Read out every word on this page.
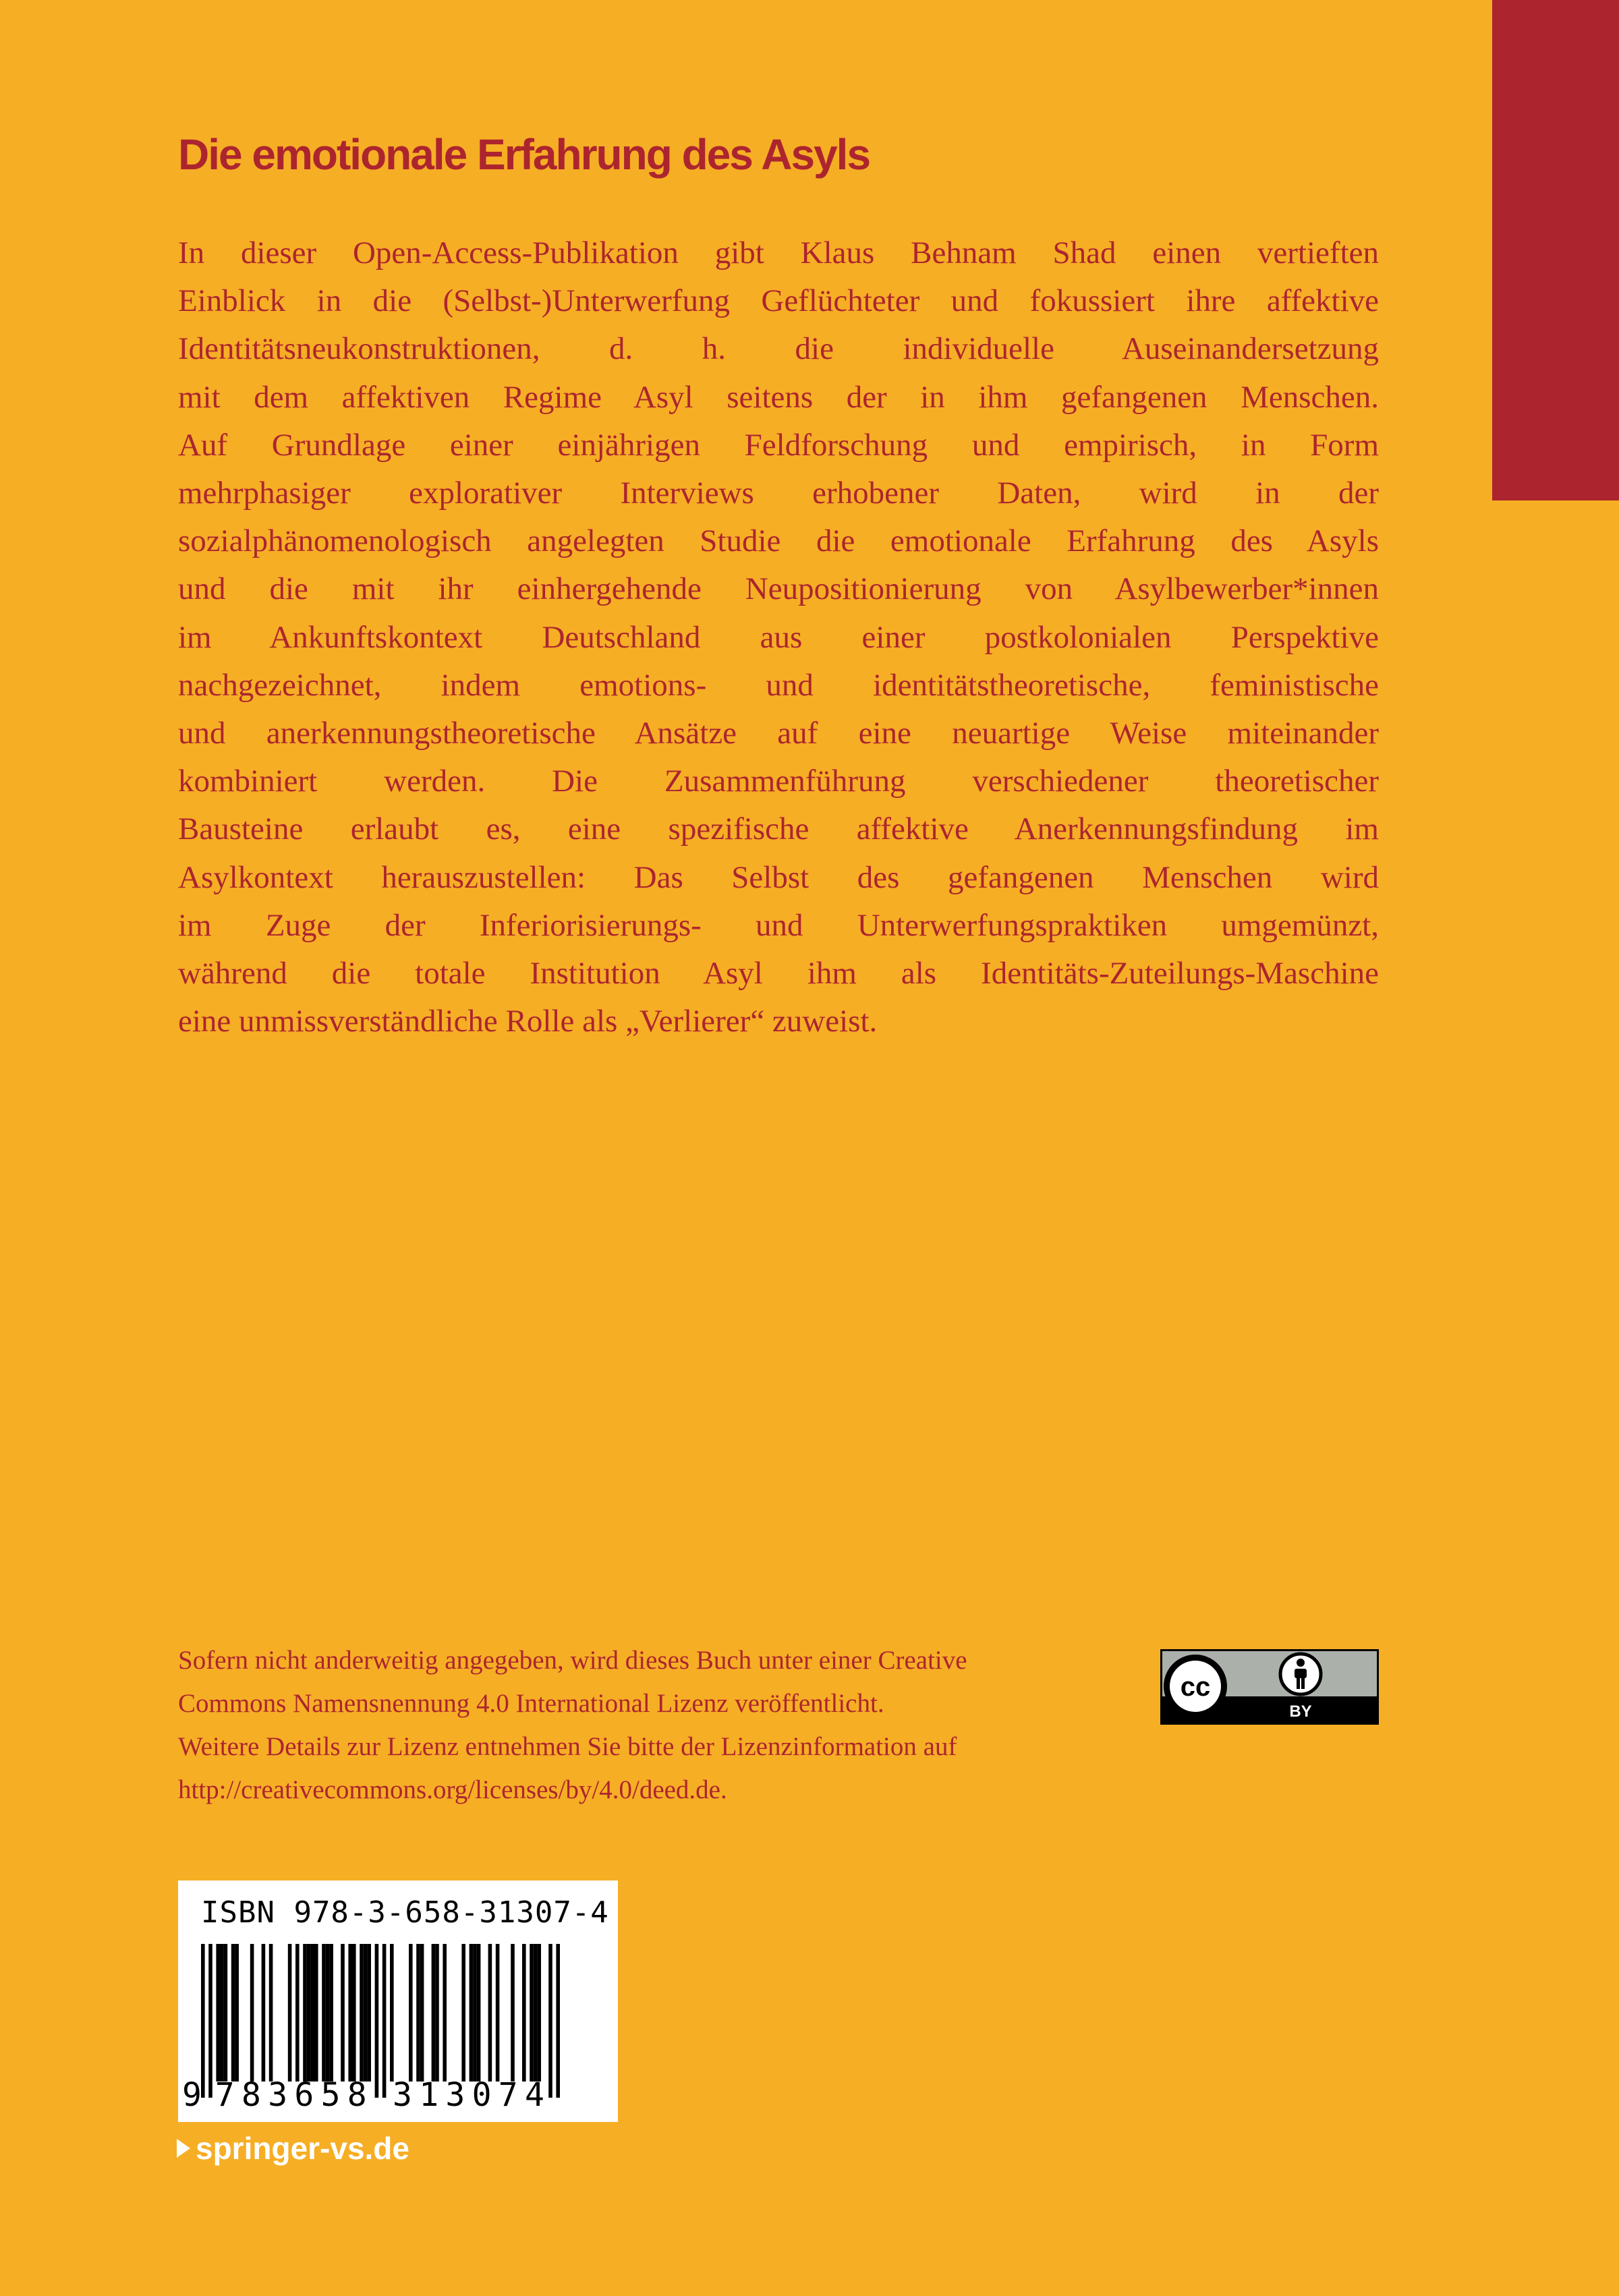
Die emotionale Erfahrung des Asyls
In dieser Open-Access-Publikation gibt Klaus Behnam Shad einen vertieften
Einblick in die (Selbst-)Unterwerfung Geflüchteter und fokussiert ihre affektive
Identitätsneukonstruktionen, d. h. die individuelle Auseinandersetzung
mit dem affektiven Regime Asyl seitens der in ihm gefangenen Menschen.
Auf Grundlage einer einjährigen Feldforschung und empirisch, in Form
mehrphasiger explorativer Interviews erhobener Daten, wird in der
sozialphänomenologisch angelegten Studie die emotionale Erfahrung des Asyls
und die mit ihr einhergehende Neupositionierung von Asylbewerber*innen
im Ankunftskontext Deutschland aus einer postkolonialen Perspektive
nachgezeichnet, indem emotions- und identitätstheoretische, feministische
und anerkennungstheoretische Ansätze auf eine neuartige Weise miteinander
kombiniert werden. Die Zusammenführung verschiedener theoretischer
Bausteine erlaubt es, eine spezifische affektive Anerkennungsfindung im
Asylkontext herauszustellen: Das Selbst des gefangenen Menschen wird
im Zuge der Inferiorisierungs- und Unterwerfungspraktiken umgemünzt,
während die totale Institution Asyl ihm als Identitäts-Zuteilungs-Maschine
eine unmissverständliche Rolle als „Verlierer“ zuweist.
Sofern nicht anderweitig angegeben, wird dieses Buch unter einer Creative
Commons Namensnennung 4.0 International Lizenz veröffentlicht.
Weitere Details zur Lizenz entnehmen Sie bitte der Lizenzinformation auf
http://creativecommons.org/licenses/by/4.0/deed.de.
cc
BY
ISBN 978-3-658-31307-4
9 7 8 3 6 5 8 3 1 3 0 7 4
springer-vs.de
